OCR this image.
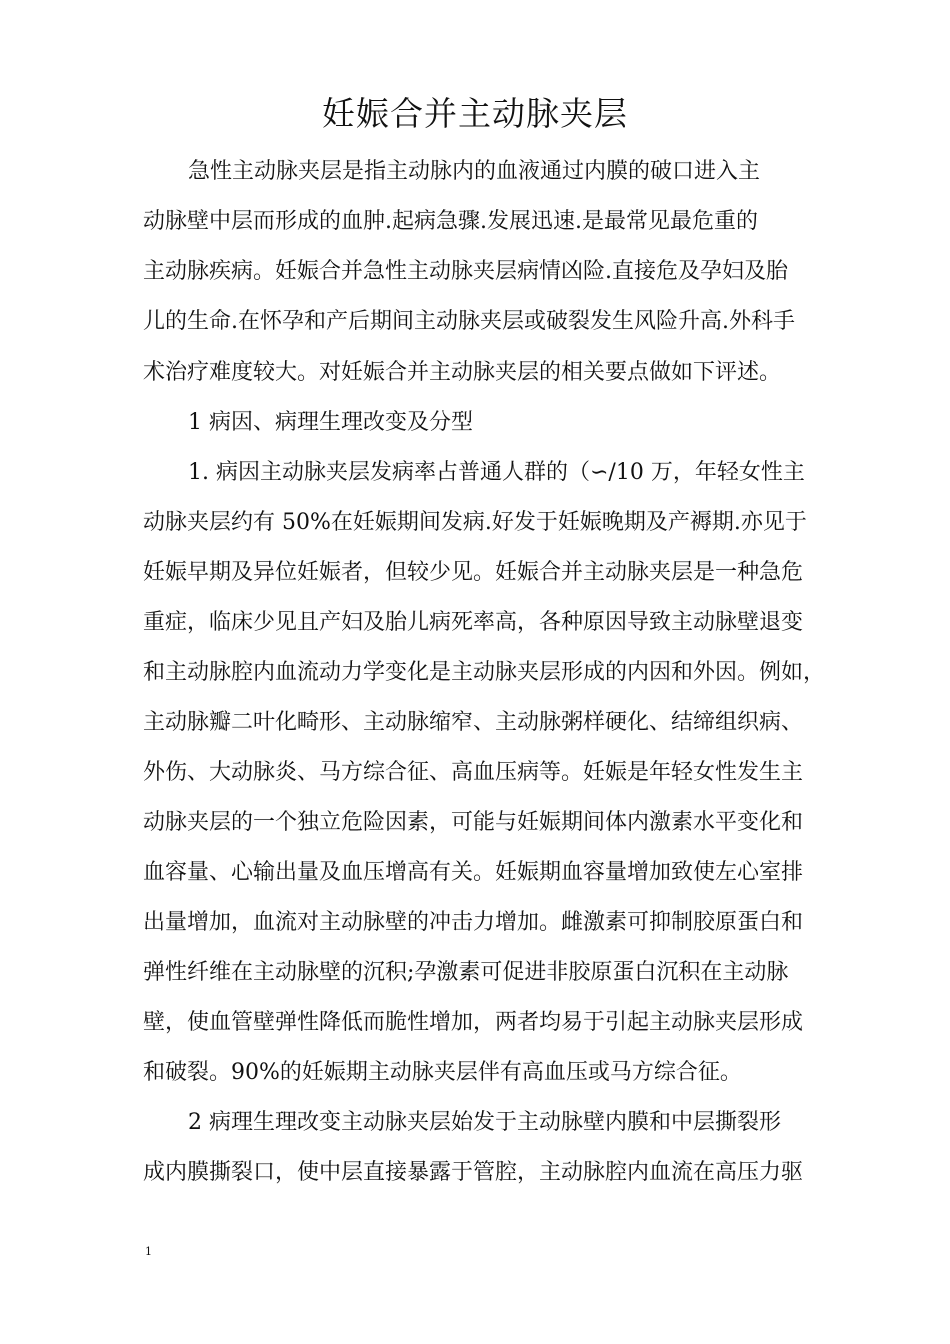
妊娠合并主动脉夹层

急性主动脉夹层是指主动脉内的血液通过内膜的破口进入主

动脉壁中层而形成的血肿.起病急骤.发展迅速.是最常见最危重的

主动脉疾病。妊娠合并急性主动脉夹层病情凶险.直接危及孕妇及胎

儿的生命.在怀孕和产后期间主动脉夹层或破裂发生风险升高.外科手

术治疗难度较大。对妊娠合并主动脉夹层的相关要点做如下评述。

1 病因、病理生理改变及分型

1. 病因主动脉夹层发病率占普通人群的（∽/10 万，年轻女性主

动脉夹层约有 50%在妊娠期间发病.好发于妊娠晚期及产褥期.亦见于

妊娠早期及异位妊娠者，但较少见。妊娠合并主动脉夹层是一种急危

重症，临床少见且产妇及胎儿病死率高，各种原因导致主动脉壁退变

和主动脉腔内血流动力学变化是主动脉夹层形成的内因和外因。例如，

主动脉瓣二叶化畸形、主动脉缩窄、主动脉粥样硬化、结缔组织病、

外伤、大动脉炎、马方综合征、高血压病等。妊娠是年轻女性发生主

动脉夹层的一个独立危险因素，可能与妊娠期间体内激素水平变化和

血容量、心输出量及血压增高有关。妊娠期血容量增加致使左心室排

出量增加，血流对主动脉壁的冲击力增加。雌激素可抑制胶原蛋白和

弹性纤维在主动脉壁的沉积;孕激素可促进非胶原蛋白沉积在主动脉

壁，使血管壁弹性降低而脆性增加，两者均易于引起主动脉夹层形成

和破裂。90%的妊娠期主动脉夹层伴有高血压或马方综合征。

2 病理生理改变主动脉夹层始发于主动脉壁内膜和中层撕裂形

成内膜撕裂口，使中层直接暴露于管腔，主动脉腔内血流在高压力驱

1
